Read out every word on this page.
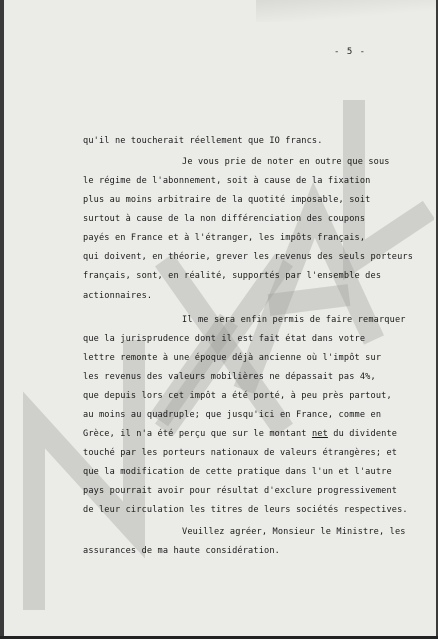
- 5 -
qu'il ne toucherait réellement que IO francs.
Je vous prie de noter en outre que sous
le régime de l'abonnement, soit à cause de la fixation
plus au moins arbitraire de la quotité imposable, soit
surtout à cause de la non différenciation des coupons
payés en France et à l'étranger, les impôts français,
qui doivent, en théorie, grever les revenus des seuls porteurs
français, sont, en réalité, supportés par l'ensemble des
actionnaires.
Il me sera enfin permis de faire remarquer
que la jurisprudence dont il est fait état dans votre
lettre remonte à une époque déjà ancienne où l'impôt sur
les revenus des valeurs mobilières ne dépassait pas 4%,
que depuis lors cet impôt a été porté, à peu près partout,
au moins au quadruple; que jusqu'ici en France, comme en
Grèce, il n'a été perçu que sur le montant net du dividente
touché par les porteurs nationaux de valeurs étrangères; et
que la modification de cette pratique dans l'un et l'autre
pays pourrait avoir pour résultat d'exclure progressivement
de leur circulation les titres de leurs sociétés respectives.
Veuillez agréer, Monsieur le Ministre, les
assurances de ma haute considération.
